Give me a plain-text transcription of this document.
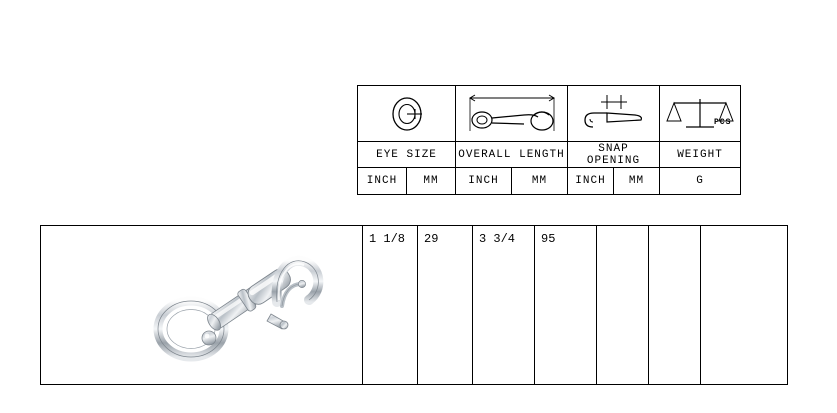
PCS

EYE SIZE		OVERALL LENGTH		SNAP OPENING		WEIGHT
INCH	MM	INCH	MM	INCH	MM	G
	1 1/8	29	3 3/4	95			
